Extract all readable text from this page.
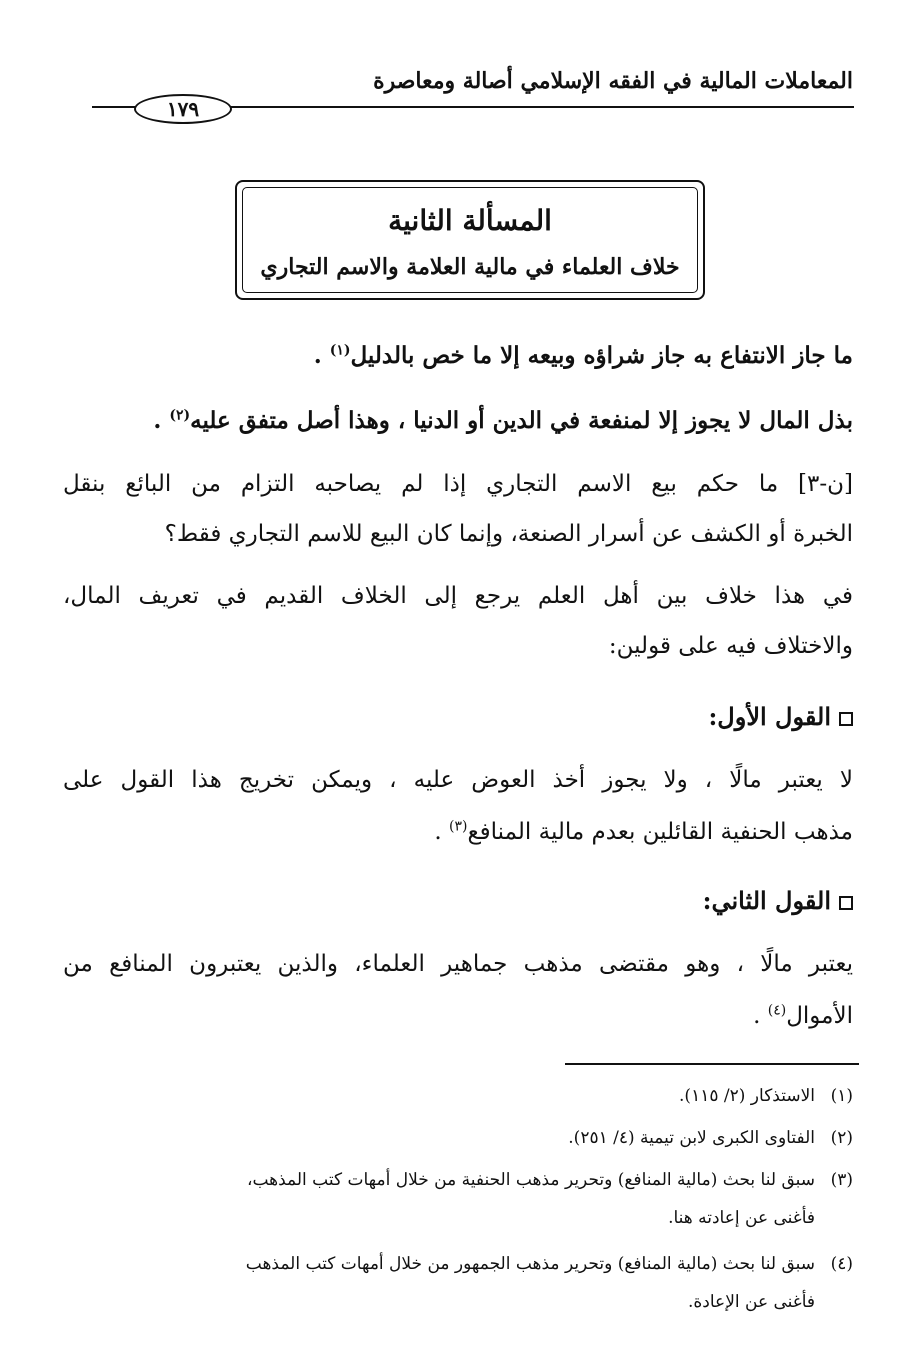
المعاملات المالية في الفقه الإسلامي أصالة ومعاصرة
١٧٩
المسألة الثانية
خلاف العلماء في مالية العلامة والاسم التجاري
ما جاز الانتفاع به جاز شراؤه وبيعه إلا ما خص بالدليل$^{(١)}$ .
بذل المال لا يجوز إلا لمنفعة في الدين أو الدنيا ، وهذا أصل متفق عليه$^{(٢)}$ .
[ن-٣] ما حكم بيع الاسم التجاري إذا لم يصاحبه التزام من البائع بنقل
الخبرة أو الكشف عن أسرار الصنعة، وإنما كان البيع للاسم التجاري فقط؟
في هذا خلاف بين أهل العلم يرجع إلى الخلاف القديم في تعريف المال،
والاختلاف فيه على قولين:
القول الأول:
لا يعتبر مالًا ، ولا يجوز أخذ العوض عليه ، ويمكن تخريج هذا القول على
مذهب الحنفية القائلين بعدم مالية المنافع$^{(٣)}$ .
القول الثاني:
يعتبر مالًا ، وهو مقتضى مذهب جماهير العلماء، والذين يعتبرون المنافع من
الأموال$^{(٤)}$ .
(١)الاستذكار (٢/ ١١٥).
(٢)الفتاوى الكبرى لابن تيمية (٤/ ٢٥١).
(٣)سبق لنا بحث (مالية المنافع) وتحرير مذهب الحنفية من خلال أمهات كتب المذهب،
فأغنى عن إعادته هنا.
(٤)سبق لنا بحث (مالية المنافع) وتحرير مذهب الجمهور من خلال أمهات كتب المذهب
فأغنى عن الإعادة.
